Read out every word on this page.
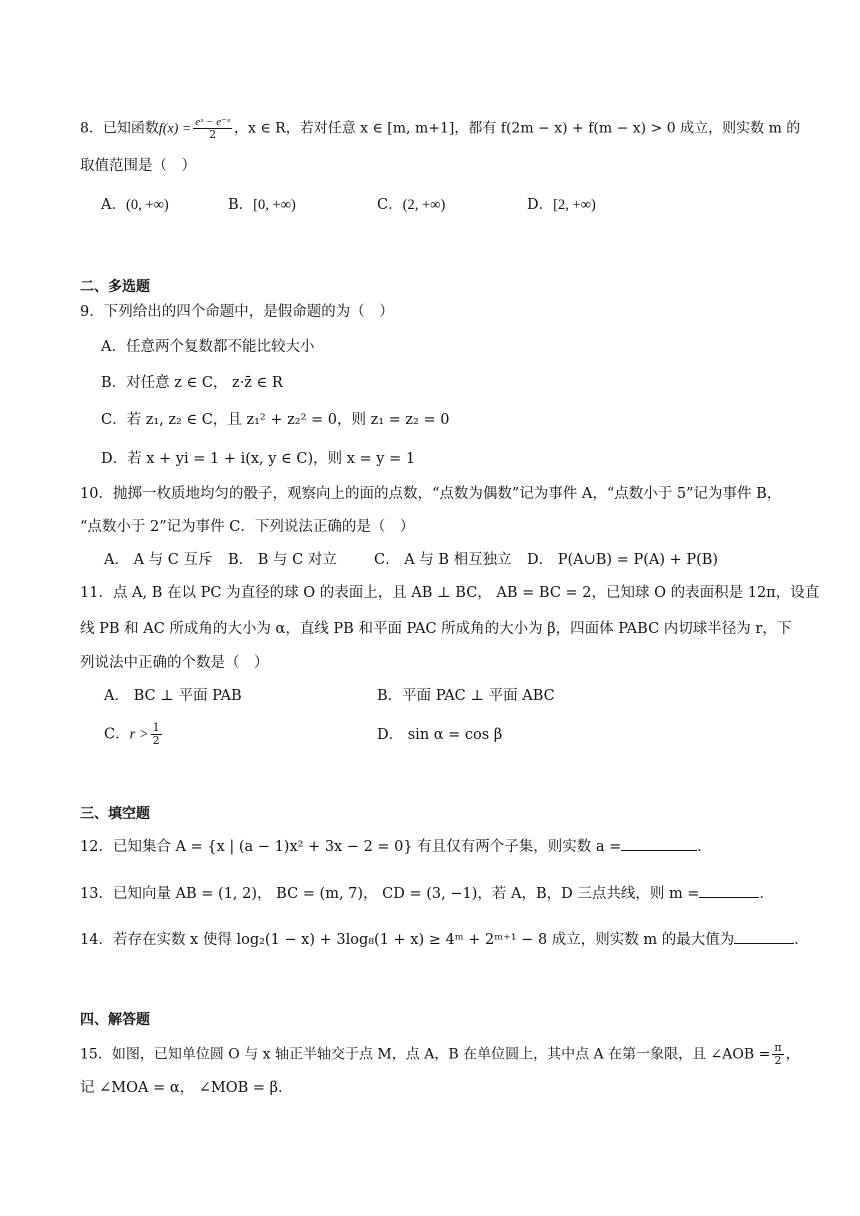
8．已知函数$f(x) = \frac{\text{eˣ − e⁻ˣ}}{2}$ ，x ∈ R，若对任意 x ∈ [m, m+1]，都有 f(2m − x) + f(m − x) > 0 成立，则实数 m 的
取值范围是（　）
A．(0, +∞)	B．[0, +∞)	C．(2, +∞)	D．[2, +∞)
二、多选题
9．下列给出的四个命题中，是假命题的为（　）
A．任意两个复数都不能比较大小
B．对任意 z ∈ C， z·z̄ ∈ R
C．若 z₁, z₂ ∈ C，且 z₁² + z₂² = 0，则 z₁ = z₂ = 0
D．若 x + yi = 1 + i(x, y ∈ C)，则 x = y = 1
10．抛掷一枚质地均匀的骰子，观察向上的面的点数，“点数为偶数”记为事件 A，“点数小于 5”记为事件 B，
“点数小于 2”记为事件 C．下列说法正确的是（　）
A． A 与 C 互斥 B． B 与 C 对立	C． A 与 B 相互独立 D． P(A∪B) = P(A) + P(B)
11．点 A, B 在以 PC 为直径的球 O 的表面上，且 AB ⊥ BC， AB = BC = 2，已知球 O 的表面积是 12π，设直
线 PB 和 AC 所成角的大小为 α，直线 PB 和平面 PAC 所成角的大小为 β，四面体 PABC 内切球半径为 r，下
列说法中正确的个数是（　）
A． BC ⊥ 平面 PAB	B．平面 PAC ⊥ 平面 ABC
C．$r > \frac{1}{2}$	D． sin α = cos β
三、填空题
12．已知集合 A = {x | (a − 1)x² + 3x − 2 = 0} 有且仅有两个子集，则实数 a =	．
13．已知向量 AB = (1, 2)， BC = (m, 7)， CD = (3, −1)，若 A，B，D 三点共线，则 m =	．
14．若存在实数 x 使得 log₂(1 − x) + 3log₈(1 + x) ≥ 4ᵐ + 2ᵐ⁺¹ − 8 成立，则实数 m 的最大值为	．
四、解答题
15．如图，已知单位圆 O 与 x 轴正半轴交于点 M，点 A，B 在单位圆上，其中点 A 在第一象限，且 ∠AOB = $\frac{\pi}{2}$ ，
记 ∠MOA = α， ∠MOB = β．
